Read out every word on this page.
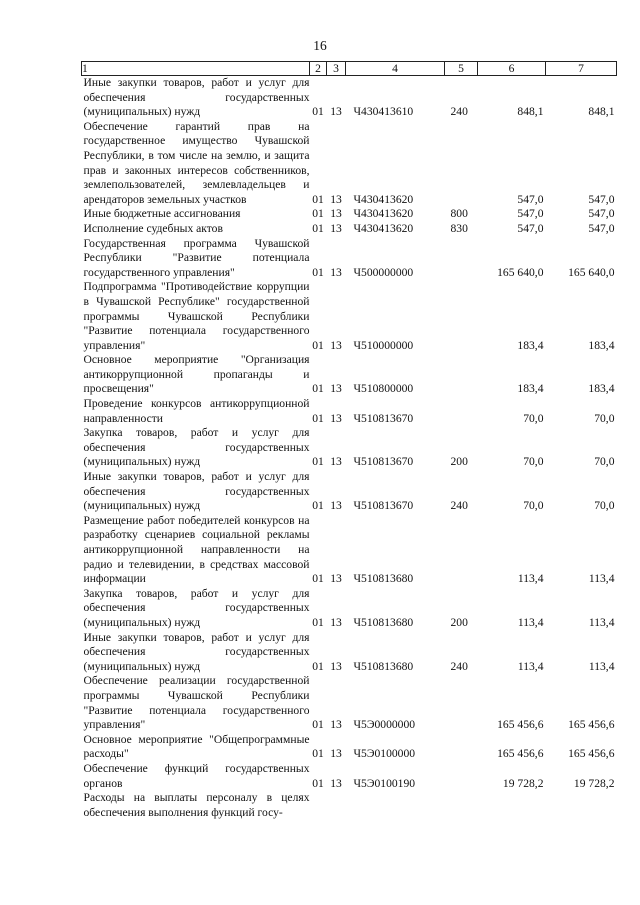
16
1	2	3	4	5	6	7
Иные закупки товаров, работ и услуг для обеспечения государственных (муниципальных) нужд	01	13	Ч430413610	240	848,1	848,1
Обеспечение гарантий прав на государственное имущество Чувашской Республики, в том числе на землю, и защита прав и законных интересов собственников, землепользователей, землевладельцев и арендаторов земельных участков	01	13	Ч430413620		547,0	547,0
Иные бюджетные ассигнования	01	13	Ч430413620	800	547,0	547,0
Исполнение судебных актов	01	13	Ч430413620	830	547,0	547,0
Государственная программа Чувашской Республики "Развитие потенциала государственного управления"	01	13	Ч500000000		165 640,0	165 640,0
Подпрограмма "Противодействие коррупции в Чувашской Республике" государственной программы Чувашской Республики "Развитие потенциала государственного управления"	01	13	Ч510000000		183,4	183,4
Основное мероприятие "Организация антикоррупционной пропаганды и просвещения"	01	13	Ч510800000		183,4	183,4
Проведение конкурсов антикоррупционной направленности	01	13	Ч510813670		70,0	70,0
Закупка товаров, работ и услуг для обеспечения государственных (муниципальных) нужд	01	13	Ч510813670	200	70,0	70,0
Иные закупки товаров, работ и услуг для обеспечения государственных (муниципальных) нужд	01	13	Ч510813670	240	70,0	70,0
Размещение работ победителей конкурсов на разработку сценариев социальной рекламы антикоррупционной направленности на радио и телевидении, в средствах массовой информации	01	13	Ч510813680		113,4	113,4
Закупка товаров, работ и услуг для обеспечения государственных (муниципальных) нужд	01	13	Ч510813680	200	113,4	113,4
Иные закупки товаров, работ и услуг для обеспечения государственных (муниципальных) нужд	01	13	Ч510813680	240	113,4	113,4
Обеспечение реализации государственной программы Чувашской Республики "Развитие потенциала государственного управления"	01	13	Ч5Э0000000		165 456,6	165 456,6
Основное мероприятие "Общепрограммные расходы"	01	13	Ч5Э0100000		165 456,6	165 456,6
Обеспечение функций государственных органов	01	13	Ч5Э0100190		19 728,2	19 728,2
Расходы на выплаты персоналу в целях обеспечения выполнения функций госу-						
